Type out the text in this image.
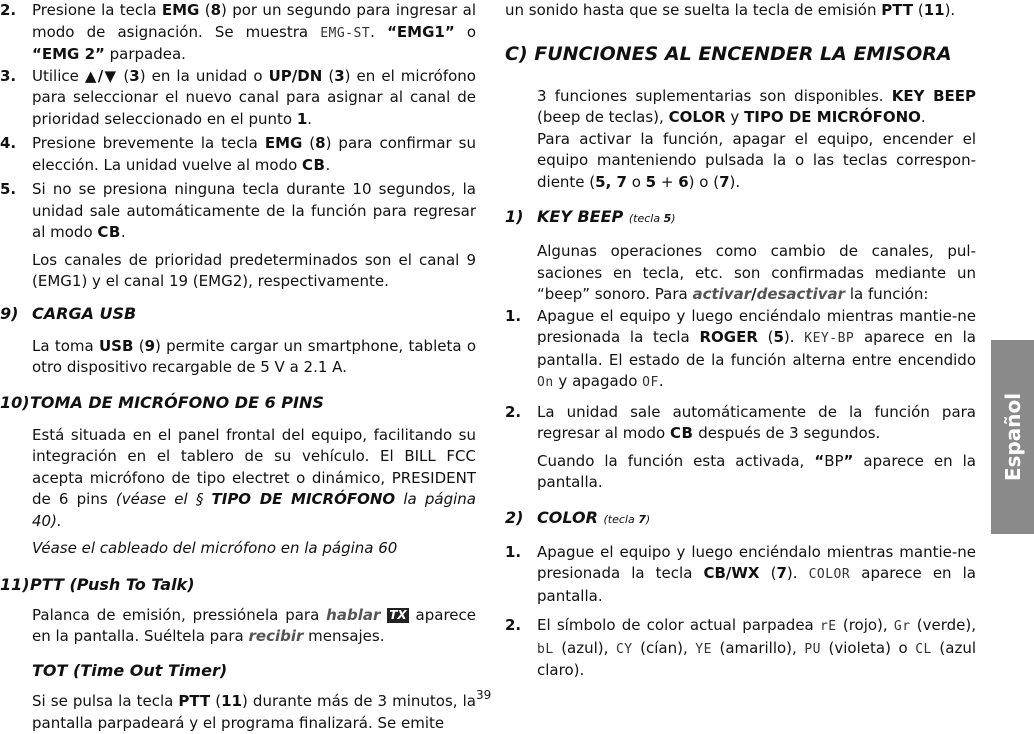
2. Presione la tecla EMG (8) por un segundo para ingresar al modo de asignación. Se muestra EMG-ST. “EMG1” o “EMG 2” parpadea.
3. Utilice ▲/▼ (3) en la unidad o UP/DN (3) en el micrófono para seleccionar el nuevo canal para asignar al canal de prioridad seleccionado en el punto 1.
4. Presione brevemente la tecla EMG (8) para confirmar su elección. La unidad vuelve al modo CB.
5. Si no se presiona ninguna tecla durante 10 segundos, la unidad sale automáticamente de la función para regresar al modo CB.

Los canales de prioridad predeterminados son el canal 9 (EMG1) y el canal 19 (EMG2), respectivamente.

9) CARGA USB

La toma USB (9) permite cargar un smartphone, tableta o otro dispositivo recargable de 5 V a 2.1 A.

10) TOMA DE MICRÓFONO DE 6 PINS

Está situada en el panel frontal del equipo, facilitando su integración en el tablero de su vehículo. El BILL FCC acepta micrófono de tipo electret o dinámico, PRESIDENT de 6 pins (véase el § TIPO DE MICRÓFONO la página 40).

Véase el cableado del micrófono en la página 60

11) PTT (Push To Talk)

Palanca de emisión, pressiónela para hablar TX aparece en la pantalla. Suéltela para recibir mensajes.

TOT (Time Out Timer)

Si se pulsa la tecla PTT (11) durante más de 3 minutos, la pantalla parpadeará y el programa finalizará. Se emite

un sonido hasta que se suelta la tecla de emisión PTT (11).

C) FUNCIONES AL ENCENDER LA EMISORA

3 funciones suplementarias son disponibles. KEY BEEP (beep de teclas), COLOR y TIPO DE MICRÓFONO.

Para activar la función, apagar el equipo, encender el equipo manteniendo pulsada la o las teclas correspon-diente (5, 7 o 5 + 6) o (7).

1) KEY BEEP (tecla 5)

Algunas operaciones como cambio de canales, pul-saciones en tecla, etc. son confirmadas mediante un “beep” sonoro. Para activar/desactivar la función:

1. Apague el equipo y luego enciéndalo mientras mantie-ne presionada la tecla ROGER (5). KEY-BP aparece en la pantalla. El estado de la función alterna entre encendido On y apagado OF.
2. La unidad sale automáticamente de la función para regresar al modo CB después de 3 segundos.

Cuando la función esta activada, “BP” aparece en la pantalla.

2) COLOR (tecla 7)
1. Apague el equipo y luego enciéndalo mientras mantie-ne presionada la tecla CB/WX (7). COLOR aparece en la pantalla.
2. El símbolo de color actual parpadea rE (rojo), Gr (verde), bL (azul), CY (cían), YE (amarillo), PU (violeta) o CL (azul claro).
Español
39
